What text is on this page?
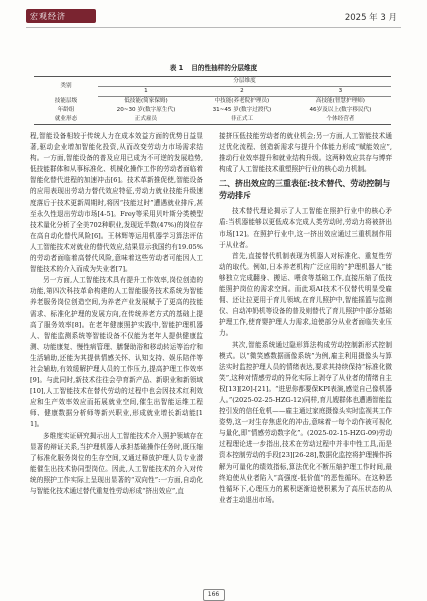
宏观经济	2025 年 3 月
表 1 目的性抽样的分层维度
类别	分层维度		
	1	2	3
技能层级	低技能(简家保姆)	中技能(养老院护理员)	高技能(智慧护理师)
年龄组	20~30 岁(数字原生代)	31~45 岁(数字过渡代)	46岁及以上(数字移民代)
就业形态	正式雇员	非正式工	个体经营者

程,智能设备相较于传统人力在成本效益方面的优势日益显著,驱动企业增加智能化投资,从而改变劳动力市场需求结构。一方面,智能设备的普及应用已成为不可逆的发展趋势,低技能群体和从事标准化、机械化操作工作的劳动者面临着智能化替代进程的加速冲击[6]。技术革新推促使,智能设备的应用表现出劳动力替代效应特征,劳动力就业技能升级速度落后于技术更新周期时,将因“技能过时”遭遇就业排斥,甚至永久性退出劳动市场[4-5]。Frey等采用贝叶斯分类模型技术量化分析了全美702种职业,发现近半数(47%)的岗位存在高自动化替代风险[6]。王林辉等运用机器学习算法评估人工智能技术对就业的替代效应,结果显示我国约有19.05%的劳动者面临着高替代风险,意味着这些劳动者可能因人工智能技术的介入而成为失业者[7]。

另一方面,人工智能技术具有提升工作效率,岗位创造的功能,第四次科技革命构建的人工智能服务技术系统为智能养老服务岗位创造空间,为养老产业发展赋予了更高的技能需求、标准化护理的发展方向,在传统养老方式的基础上提高了服务效率[8]。在老年健康照护实践中,智能护理机器人、智能监测系统等智能设备不仅能为老年人提供健康监测、功能康复、慢性病管理、膳餐助浴和移动转运等治疗和生活辅助,还能为其提供情感关怀、认知支持、娱乐陪伴等社会辅助,有效缓解护理人员的工作压力,提高护理工作效率[9]。与此同时,新技术往往会孕育新产品、新职业和新领域[10],人工智能技术在替代劳动的过程中也会因技术红利效应和生产效率效应而拓展就业空间,催生出智能运维工程师、健康数据分析师等新兴职业,形成就业增长新动能[11]。

多维度实证研究揭示出人工智能技术介入照护领域存在显著的辩证关系,当护理机器人承担基础操作任务时,既压缩了标准化服务岗位的生存空间,又通过释放护理人员专业潜能催生出技术协同型岗位。因此,人工智能技术的介入对传统的照护工作实际上呈现出显著的“双向性”:一方面,自动化与智能化技术通过替代重复性劳动形成“挤出效应”,直

接挤压低技能劳动者的就业机会;另一方面,人工智能技术通过优化流程、创造新需求与提升个体能力形成“赋能效应”,推动行业效率提升和就业结构升级。这两种效应共存与博弈构成了人工智能技术重塑照护行业的核心动力机制。

二、挤出效应的三重表征:技术替代、劳动控制与劳动排斥

技术替代理论揭示了人工智能在照护行业中的核心矛盾:当机器能够以更低成本完成人类劳动时,劳动力将被挤出市场[12]。在照护行业中,这一挤出效应通过三重机制作用于从业者。

首先,直接替代机制表现为机器人对标准化、重复性劳动的取代。例如,日本养老机构广泛应用的“护理机器人”能够独立完成翻身、搬运、喂食等基础工作,直接压缩了低技能照护岗位的需求空间。而此项AI技术不仅替代明显受雇佣、还让拉更用于育儿领域,在育儿照护中,智能摇篮与监测仪、自动冲奶机等设备的普及则替代了育儿照护中部分基础护理工作,使育婴护理人力需求,迫使部分从业者面临失业压力。

其次,智能系统通过隐形算法构成劳动控制新形式控制模式。以“微笑感数据画像系统”为例,雇主利用摄像头与算法实时监控护理人员的情绪表达,要求其持续保持“标准化微笑”,这种对情感劳动的异化实际上剥夺了从业者的情绪自主权[13][20]-[21]。“进思你都要保KPI表演,感觉自己像机器人。”(2025-02-25-HZG-12)同样,育儿嫂群体也遭遇智能监控引发的信任危机——雇主通过家庭摄像头实时监视其工作姿势,这一对生存焦虑化的冲击,意味着一每个动作被可视化与量化,即“情感劳动数字化”。(2025-02-15-HZG-09)劳动过程理论进一步指出,技术在劳动过程中并非中性工具,而是资本控制劳动的手段[23][26-28],数据化监控将护理操作拆解为可量化的绩效指标,算法优化不断压缩护理工作时间,最终迫使从业者陷入“高强度-低价值”的恶性循环。在这种恶性循环下,心理压力的累积逐渐迫使积累为了高压状态的从业者主动退出市场。

166
